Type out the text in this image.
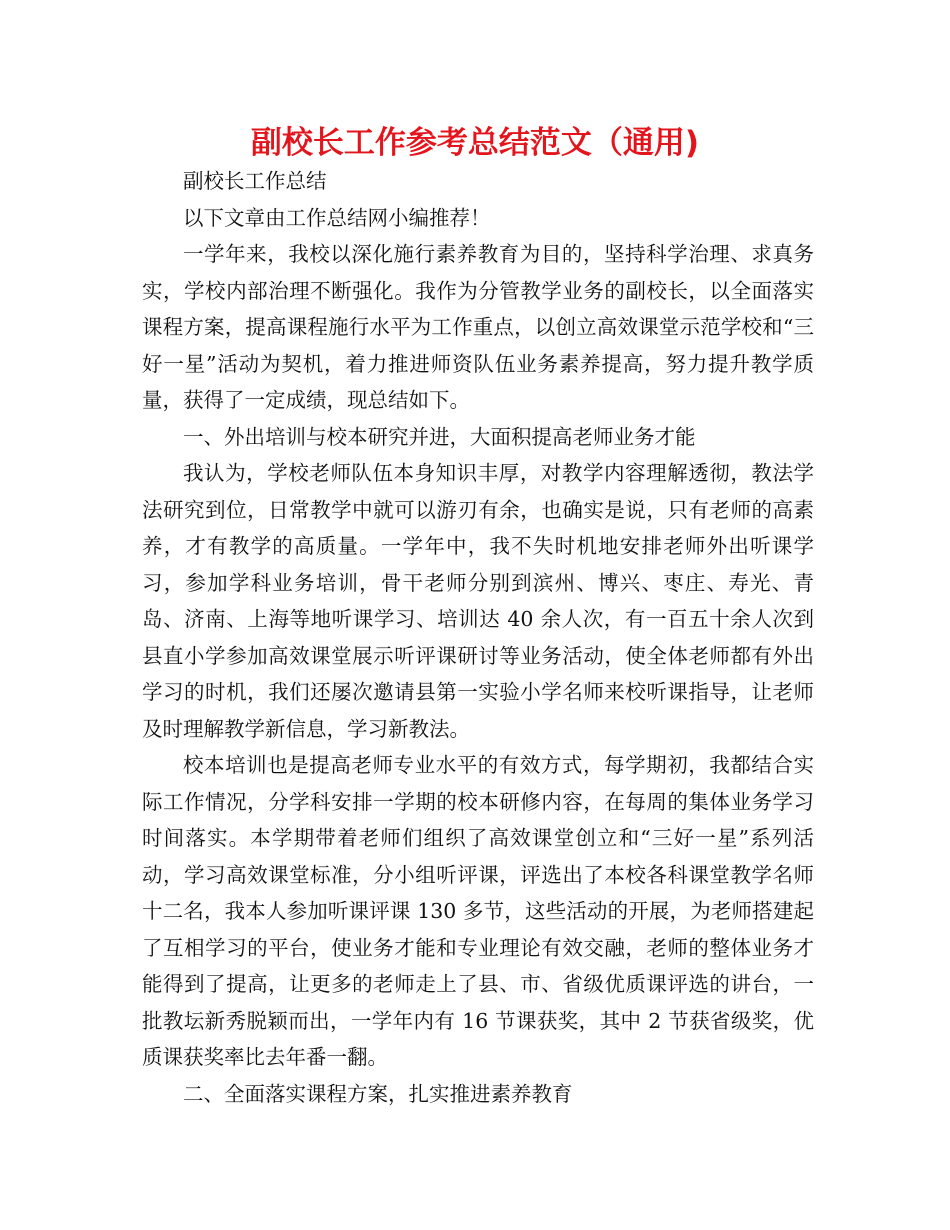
副校长工作参考总结范文（通用)

副校长工作总结

以下文章由工作总结网小编推荐！

一学年来，我校以深化施行素养教育为目的，坚持科学治理、求真务实，学校内部治理不断强化。我作为分管教学业务的副校长，以全面落实课程方案，提高课程施行水平为工作重点，以创立高效课堂示范学校和“三好一星”活动为契机，着力推进师资队伍业务素养提高，努力提升教学质量，获得了一定成绩，现总结如下。

一、外出培训与校本研究并进，大面积提高老师业务才能

我认为，学校老师队伍本身知识丰厚，对教学内容理解透彻，教法学法研究到位，日常教学中就可以游刃有余，也确实是说，只有老师的高素养，才有教学的高质量。一学年中，我不失时机地安排老师外出听课学习，参加学科业务培训，骨干老师分别到滨州、博兴、枣庄、寿光、青岛、济南、上海等地听课学习、培训达 40 余人次，有一百五十余人次到县直小学参加高效课堂展示听评课研讨等业务活动，使全体老师都有外出学习的时机，我们还屡次邀请县第一实验小学名师来校听课指导，让老师及时理解教学新信息，学习新教法。

校本培训也是提高老师专业水平的有效方式，每学期初，我都结合实际工作情况，分学科安排一学期的校本研修内容，在每周的集体业务学习时间落实。本学期带着老师们组织了高效课堂创立和“三好一星”系列活动，学习高效课堂标准，分小组听评课，评选出了本校各科课堂教学名师十二名，我本人参加听课评课 130 多节，这些活动的开展，为老师搭建起了互相学习的平台，使业务才能和专业理论有效交融，老师的整体业务才能得到了提高，让更多的老师走上了县、市、省级优质课评选的讲台，一批教坛新秀脱颖而出，一学年内有 16 节课获奖，其中 2 节获省级奖，优质课获奖率比去年番一翻。

二、全面落实课程方案，扎实推进素养教育
